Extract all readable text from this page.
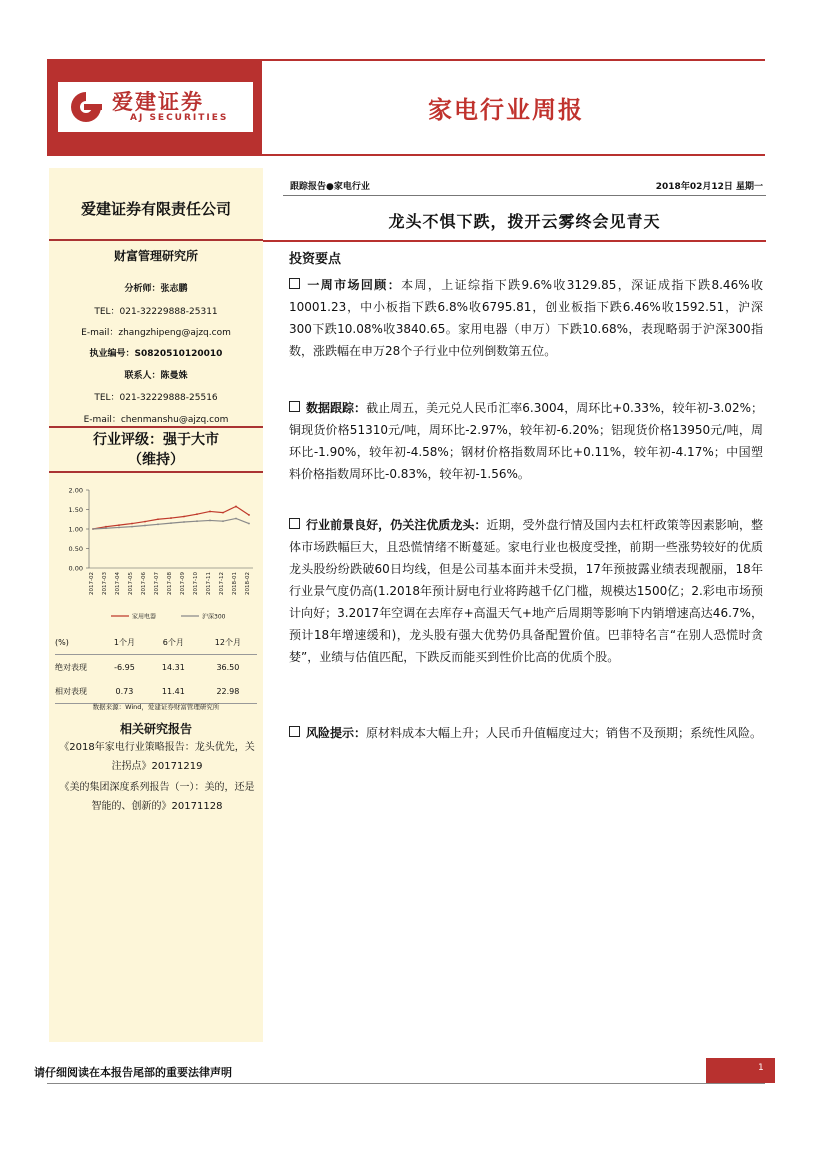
爱建证券
AJ SECURITIES	家电行业周报
爱建证券有限责任公司
财富管理研究所
分析师：张志鹏
TEL：021-32229888-25311
E-mail：zhangzhipeng@ajzq.com
执业编号：S0820510120010
联系人：陈曼姝
TEL：021-32229888-25516
E-mail：chenmanshu@ajzq.com
行业评级：强于大市
（维持）
2.00
1.50
1.00
0.50
0.00
2017-02 2017-03 2017-04 2017-05 2017-06 2017-07 2017-08 2017-09 2017-10 2017-11 2017-12 2018-01 2018-02
家用电器	沪深300
(%)	1个月	6个月	12个月
绝对表现	-6.95	14.31	36.50
相对表现	0.73	11.41	22.98
数据来源：Wind，爱建证券财富管理研究所
相关研究报告
《2018年家电行业策略报告：龙头优先，关注拐点》20171219
《美的集团深度系列报告（一）：美的，还是智能的、创新的》20171128
跟踪报告●家电行业	2018年02月12日 星期一
龙头不惧下跌，拨开云雾终会见青天
投资要点
一周市场回顾：本周，上证综指下跌9.6%收3129.85，深证成指下跌8.46%收10001.23，中小板指下跌6.8%收6795.81，创业板指下跌6.46%收1592.51，沪深300下跌10.08%收3840.65。家用电器（申万）下跌10.68%，表现略弱于沪深300指数，涨跌幅在申万28个子行业中位列倒数第五位。
数据跟踪：截止周五，美元兑人民币汇率6.3004，周环比+0.33%，较年初-3.02%；铜现货价格51310元/吨，周环比-2.97%，较年初-6.20%；铝现货价格13950元/吨，周环比-1.90%，较年初-4.58%；钢材价格指数周环比+0.11%，较年初-4.17%；中国塑料价格指数周环比-0.83%，较年初-1.56%。
行业前景良好，仍关注优质龙头：近期，受外盘行情及国内去杠杆政策等因素影响，整体市场跌幅巨大，且恐慌情绪不断蔓延。家电行业也极度受挫，前期一些涨势较好的优质龙头股纷纷跌破60日均线，但是公司基本面并未受损，17年预披露业绩表现靓丽，18年行业景气度仍高(1.2018年预计厨电行业将跨越千亿门槛，规模达1500亿；2.彩电市场预计向好；3.2017年空调在去库存+高温天气+地产后周期等影响下内销增速高达46.7%，预计18年增速缓和)，龙头股有强大优势仍具备配置价值。巴菲特名言“在别人恐慌时贪婪”，业绩与估值匹配，下跌反而能买到性价比高的优质个股。
风险提示：原材料成本大幅上升；人民币升值幅度过大；销售不及预期；系统性风险。
请仔细阅读在本报告尾部的重要法律声明	1
